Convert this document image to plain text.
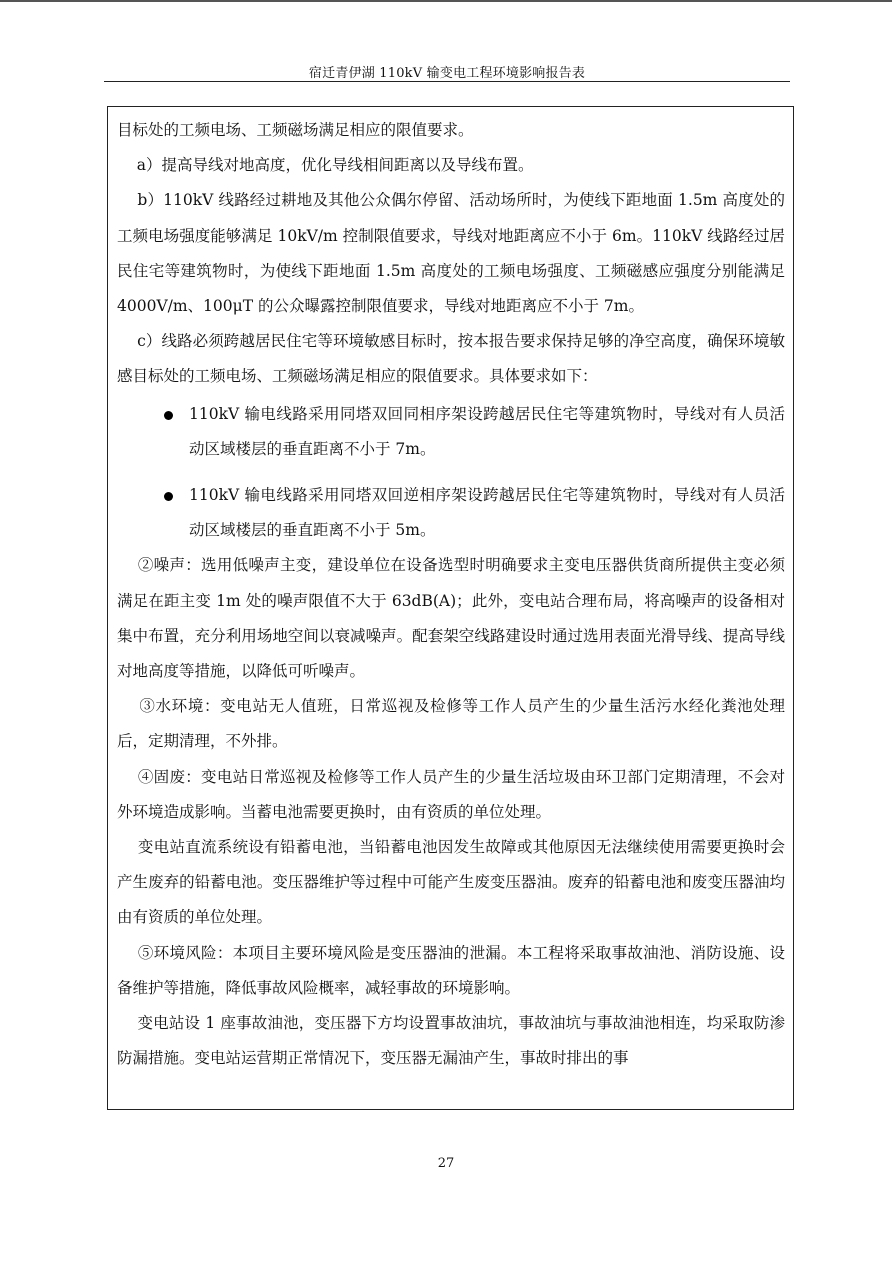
宿迁青伊湖 110kV 输变电工程环境影响报告表

目标处的工频电场、工频磁场满足相应的限值要求。

a）提高导线对地高度，优化导线相间距离以及导线布置。

b）110kV 线路经过耕地及其他公众偶尔停留、活动场所时，为使线下距地面 1.5m 高度处的工频电场强度能够满足 10kV/m 控制限值要求，导线对地距离应不小于 6m。110kV 线路经过居民住宅等建筑物时，为使线下距地面 1.5m 高度处的工频电场强度、工频磁感应强度分别能满足 4000V/m、100μT 的公众曝露控制限值要求，导线对地距离应不小于 7m。

c）线路必须跨越居民住宅等环境敏感目标时，按本报告要求保持足够的净空高度，确保环境敏感目标处的工频电场、工频磁场满足相应的限值要求。具体要求如下：

110kV 输电线路采用同塔双回同相序架设跨越居民住宅等建筑物时，导线对有人员活动区域楼层的垂直距离不小于 7m。

110kV 输电线路采用同塔双回逆相序架设跨越居民住宅等建筑物时，导线对有人员活动区域楼层的垂直距离不小于 5m。

②噪声：选用低噪声主变，建设单位在设备选型时明确要求主变电压器供货商所提供主变必须满足在距主变 1m 处的噪声限值不大于 63dB(A)；此外，变电站合理布局，将高噪声的设备相对集中布置，充分利用场地空间以衰减噪声。配套架空线路建设时通过选用表面光滑导线、提高导线对地高度等措施，以降低可听噪声。

③水环境：变电站无人值班，日常巡视及检修等工作人员产生的少量生活污水经化粪池处理后，定期清理，不外排。

④固废：变电站日常巡视及检修等工作人员产生的少量生活垃圾由环卫部门定期清理，不会对外环境造成影响。当蓄电池需要更换时，由有资质的单位处理。

变电站直流系统设有铅蓄电池，当铅蓄电池因发生故障或其他原因无法继续使用需要更换时会产生废弃的铅蓄电池。变压器维护等过程中可能产生废变压器油。废弃的铅蓄电池和废变压器油均由有资质的单位处理。

⑤环境风险：本项目主要环境风险是变压器油的泄漏。本工程将采取事故油池、消防设施、设备维护等措施，降低事故风险概率，减轻事故的环境影响。

变电站设 1 座事故油池，变压器下方均设置事故油坑，事故油坑与事故油池相连，均采取防渗防漏措施。变电站运营期正常情况下，变压器无漏油产生，事故时排出的事

27
